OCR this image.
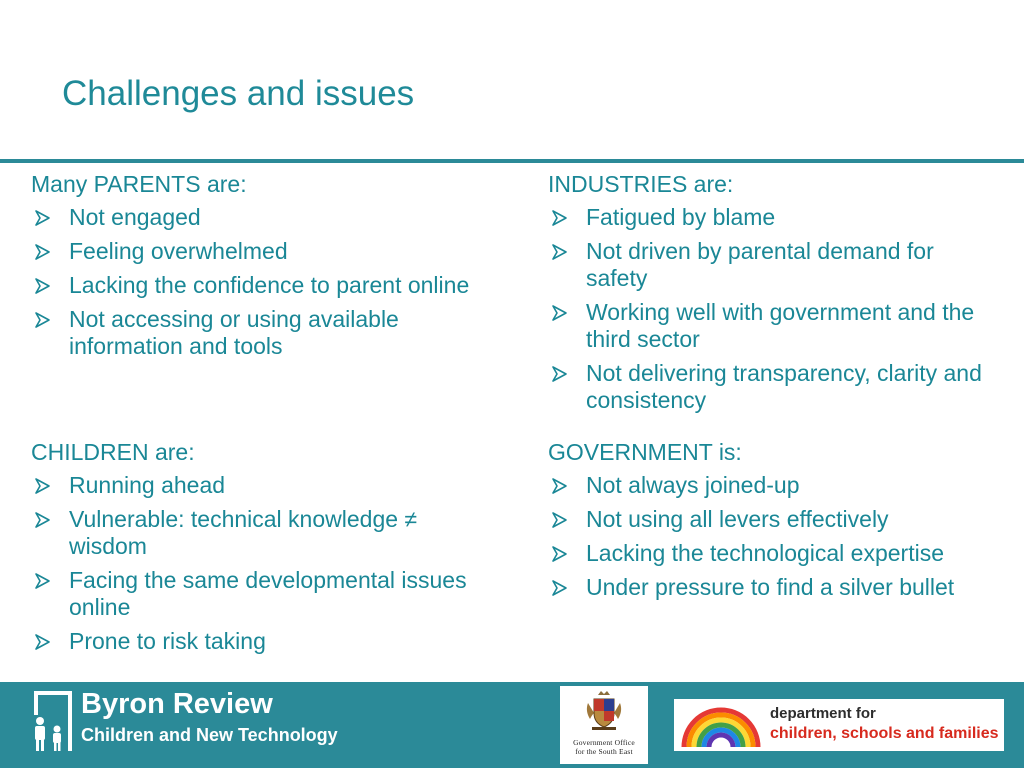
Challenges and issues
Many PARENTS are:
Not engaged
Feeling overwhelmed
Lacking the confidence to parent online
Not accessing or using available information and tools
INDUSTRIES are:
Fatigued by blame
Not driven by parental demand for safety
Working well with government and the third sector
Not delivering transparency, clarity and consistency
CHILDREN are:
Running ahead
Vulnerable: technical knowledge ≠ wisdom
Facing the same developmental issues online
Prone to risk taking
GOVERNMENT is:
Not always joined-up
Not using all levers effectively
Lacking the technological expertise
Under pressure to find a silver bullet
Byron Review
Children and New Technology	Government Office
for the South East
department for
children, schools and families
